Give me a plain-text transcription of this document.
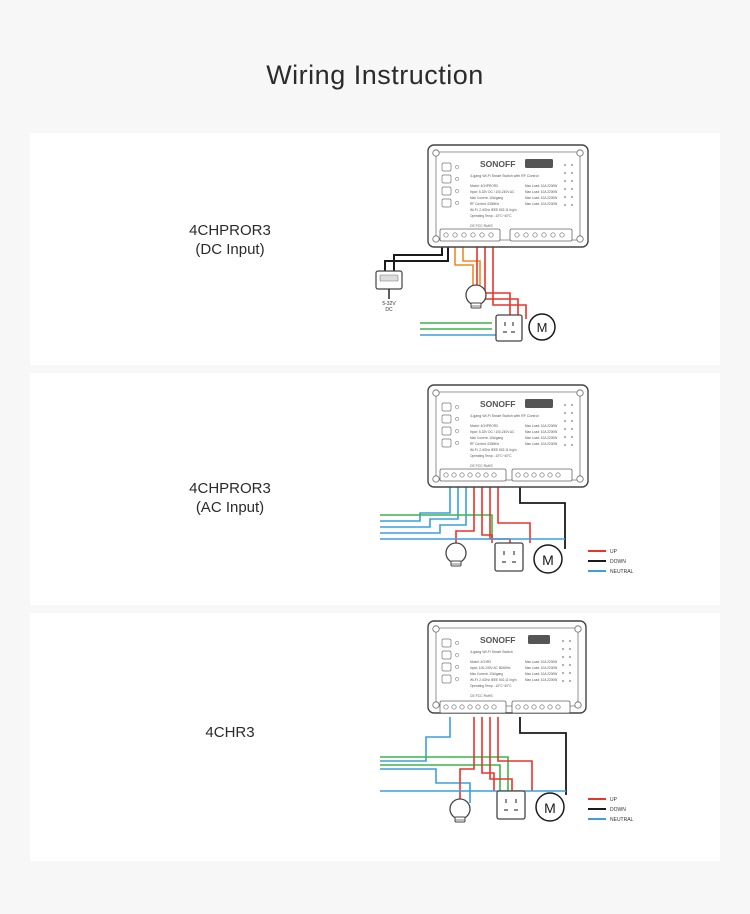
Wiring Instruction
4CHPROR3
(DC Input)
SONOFF 4CHPROR3
4-gang Wi-Fi Smart Switch with RF Control
Model: 4CHPROR3
Input: 5-32V DC / 100-240V AC
Max Current: 10A/gang
RF Control: 433MHz
Wi-Fi: 2.4GHz IEEE 802.11 b/g/n
Operating Temp: -10°C~40°C
Max Load: 10A 2200W
Max Load: 10A 2200W
Max Load: 10A 2200W
Max Load: 10A 2200W
CE FCC RoHS
5-32V
DC
M
4CHPROR3
(AC Input)
SONOFF 4CHPROR3
4-gang Wi-Fi Smart Switch with RF Control
Model: 4CHPROR3
Input: 5-32V DC / 100-240V AC
Max Current: 10A/gang
RF Control: 433MHz
Wi-Fi: 2.4GHz IEEE 802.11 b/g/n
Operating Temp: -10°C~40°C
Max Load: 10A 2200W
Max Load: 10A 2200W
Max Load: 10A 2200W
Max Load: 10A 2200W
CE FCC RoHS
M	UP
DOWN
NEUTRAL
4CHR3
SONOFF	4CHR3
4-gang Wi-Fi Smart Switch
Model: 4CHR3
Input: 100-240V AC 50/60Hz
Max Current: 10A/gang
Wi-Fi: 2.4GHz IEEE 802.11 b/g/n
Operating Temp: -10°C~40°C
Max Load: 10A 2200W
Max Load: 10A 2200W
Max Load: 10A 2200W
Max Load: 10A 2200W
CE FCC RoHS
M	UP
DOWN
NEUTRAL
